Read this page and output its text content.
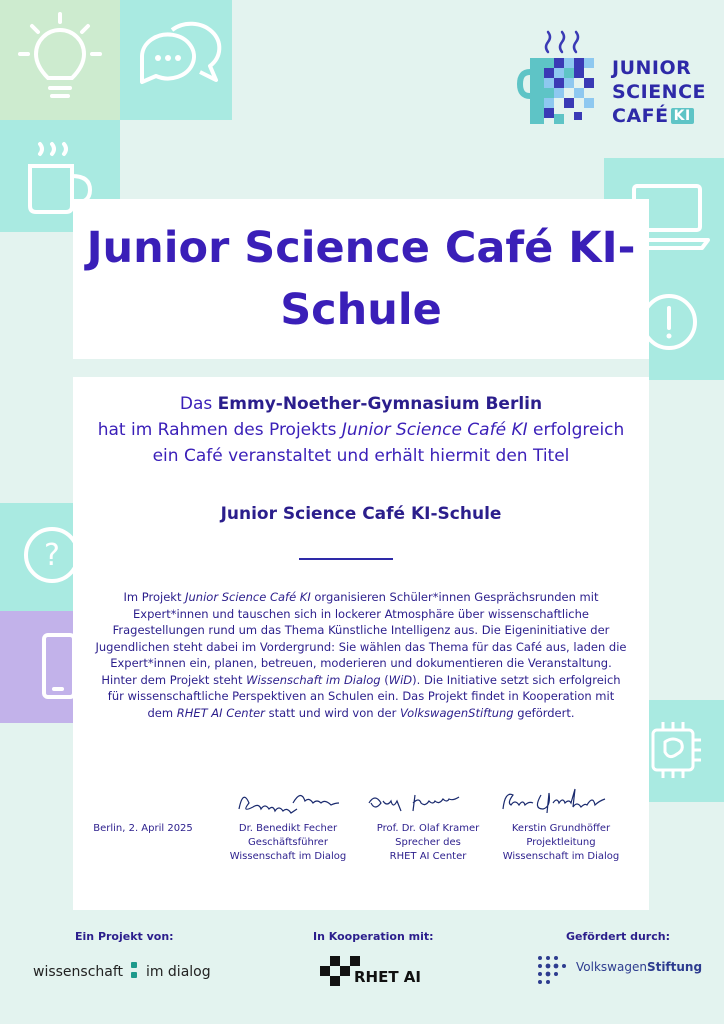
?
JUNIOR
SCIENCE
CAFÉ KI
Junior Science Café KI-Schule
Das Emmy-Noether-Gymnasium Berlin
hat im Rahmen des Projekts Junior Science Café KI erfolgreich
ein Café veranstaltet und erhält hiermit den Titel
Junior Science Café KI-Schule
Im Projekt Junior Science Café KI organisieren Schüler*innen Gesprächsrunden mit Expert*innen und tauschen sich in lockerer Atmosphäre über wissenschaftliche Fragestellungen rund um das Thema Künstliche Intelligenz aus. Die Eigeninitiative der Jugendlichen steht dabei im Vordergrund: Sie wählen das Thema für das Café aus, laden die Expert*innen ein, planen, betreuen, moderieren und dokumentieren die Veranstaltung. Hinter dem Projekt steht Wissenschaft im Dialog (WiD). Die Initiative setzt sich erfolgreich für wissenschaftliche Perspektiven an Schulen ein. Das Projekt findet in Kooperation mit dem RHET AI Center statt und wird von der VolkswagenStiftung gefördert.
Berlin, 2. April 2025	Dr. Benedikt Fecher
Geschäftsführer
Wissenschaft im Dialog
Prof. Dr. Olaf Kramer
Sprecher des
RHET AI Center
Kerstin Grundhöffer
Projektleitung
Wissenschaft im Dialog
Ein Projekt von:	In Kooperation mit:	Gefördert durch:
wissenschaft im dialog	RHET AI
VolkswagenStiftung
